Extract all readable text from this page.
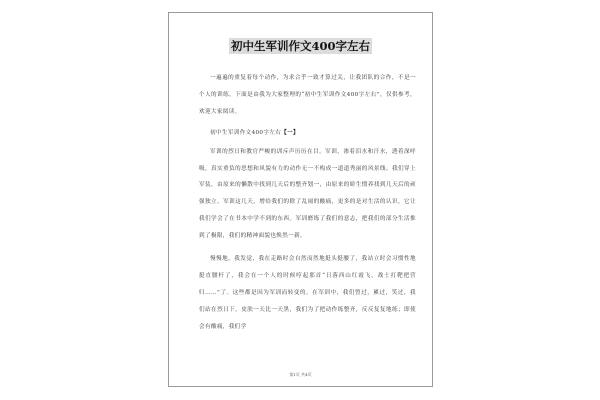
初中生军训作文400字左右

一遍遍的重复着每个动作，为求合乎一致才算过关，让我团队的合作，不是一个人的训练。下面是由我为大家整理的“初中生军训作文400字左右”，仅供参考，欢迎大家阅读。

初中生军训作文400字左右【一】

军训的烈日和教官严峻的训斥声历历在目。军训，渗着泪水和汗水，透着深呼吸，真实重负的思想和风貌有力的动作无一不构成一道道秀丽的风景线。我们穿上军装，由原来的懒散中找到几天后的整齐划一，由原来的娇生惯养找到几天后的顽强独立。军训这几天，增给我们的除了乱闹的酸痛，更多的是对生活的认识。它让我们学会了在书本中学不到的东西。军训磨练了我们的意志，把我们的部分生活推到了极限，我们的精神面貌也焕然一新。

慢慢地，我发觉，我在走路时会自然而然地挺头挺腰了，我站立时会习惯性地挺直腰杆了，我会在一个人的时候哼起那首“日落西山红霞飞，战士打靶把营归……”了。这些都是因为军训而转变的。在军训中，我们曾过，累过，笑过，我们站在烈日下，皮肤一天比一天黑，我们为了把动作练整齐，反反复复地练；即使会有酸痛，我们学

第1页 共4页
